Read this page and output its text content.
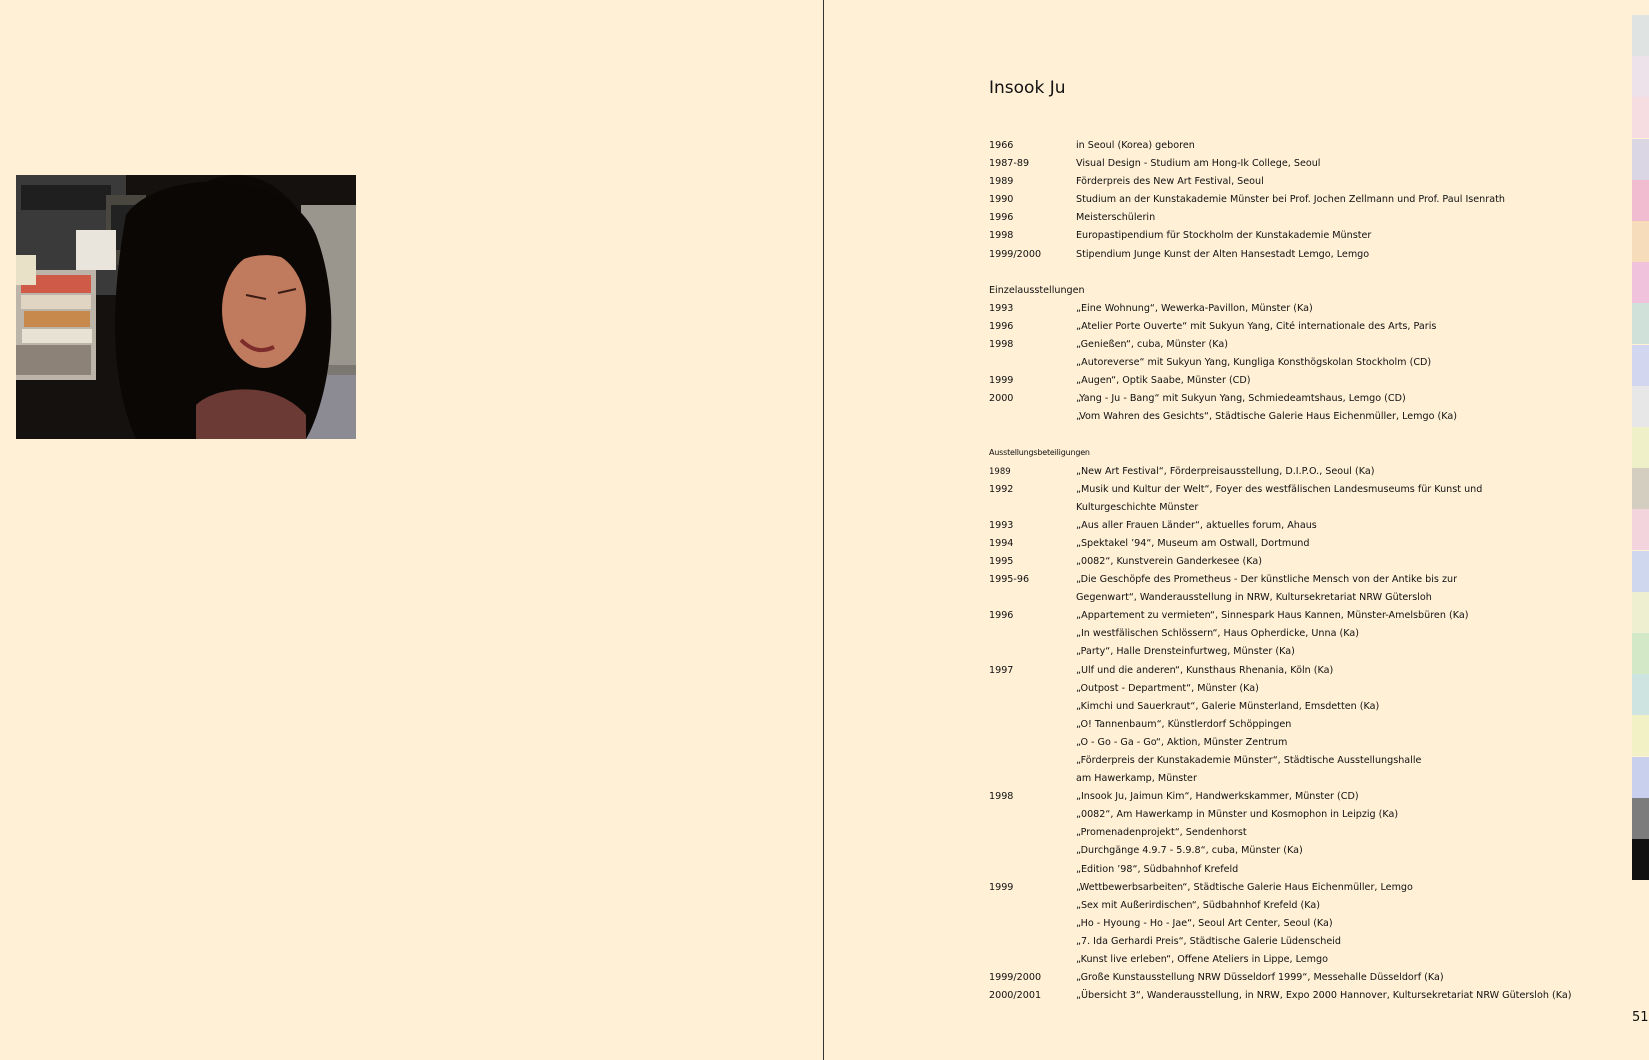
Insook Ju
1966	in Seoul (Korea) geboren
1987-89	Visual Design - Studium am Hong-Ik College, Seoul
1989	Förderpreis des New Art Festival, Seoul
1990	Studium an der Kunstakademie Münster bei Prof. Jochen Zellmann und Prof. Paul Isenrath
1996	Meisterschülerin
1998	Europastipendium für Stockholm der Kunstakademie Münster
1999/2000	Stipendium Junge Kunst der Alten Hansestadt Lemgo, Lemgo
Einzelausstellungen
1993	„Eine Wohnung“, Wewerka-Pavillon, Münster (Ka)
1996	„Atelier Porte Ouverte“ mit Sukyun Yang, Cité internationale des Arts, Paris
1998	„Genießen“, cuba, Münster (Ka)
„Autoreverse“ mit Sukyun Yang, Kungliga Konsthögskolan Stockholm (CD)
1999	„Augen“, Optik Saabe, Münster (CD)
2000	„Yang - Ju - Bang“ mit Sukyun Yang, Schmiedeamtshaus, Lemgo (CD)
„Vom Wahren des Gesichts“, Städtische Galerie Haus Eichenmüller, Lemgo (Ka)
Ausstellungsbeteiligungen
1989	„New Art Festival“, Förderpreisausstellung, D.I.P.O., Seoul (Ka)
1992	„Musik und Kultur der Welt“, Foyer des westfälischen Landesmuseums für Kunst und
Kulturgeschichte Münster
1993	„Aus aller Frauen Länder“, aktuelles forum, Ahaus
1994	„Spektakel ’94“, Museum am Ostwall, Dortmund
1995	„0082“, Kunstverein Ganderkesee (Ka)
1995-96	„Die Geschöpfe des Prometheus - Der künstliche Mensch von der Antike bis zur
Gegenwart“, Wanderausstellung in NRW, Kultursekretariat NRW Gütersloh
1996	„Appartement zu vermieten“, Sinnespark Haus Kannen, Münster-Amelsbüren (Ka)
„In westfälischen Schlössern“, Haus Opherdicke, Unna (Ka)
„Party“, Halle Drensteinfurtweg, Münster (Ka)
1997	„Ulf und die anderen“, Kunsthaus Rhenania, Köln (Ka)
„Outpost - Department“, Münster (Ka)
„Kimchi und Sauerkraut“, Galerie Münsterland, Emsdetten (Ka)
„O! Tannenbaum“, Künstlerdorf Schöppingen
„O - Go - Ga - Go“, Aktion, Münster Zentrum
„Förderpreis der Kunstakademie Münster“, Städtische Ausstellungshalle
am Hawerkamp, Münster
1998	„Insook Ju, Jaimun Kim“, Handwerkskammer, Münster (CD)
„0082“, Am Hawerkamp in Münster und Kosmophon in Leipzig (Ka)
„Promenadenprojekt“, Sendenhorst
„Durchgänge 4.9.7 - 5.9.8“, cuba, Münster (Ka)
„Edition ’98“, Südbahnhof Krefeld
1999	„Wettbewerbsarbeiten“, Städtische Galerie Haus Eichenmüller, Lemgo
„Sex mit Außerirdischen“, Südbahnhof Krefeld (Ka)
„Ho - Hyoung - Ho - Jae“, Seoul Art Center, Seoul (Ka)
„7. Ida Gerhardi Preis“, Städtische Galerie Lüdenscheid
„Kunst live erleben“, Offene Ateliers in Lippe, Lemgo
1999/2000	„Große Kunstausstellung NRW Düsseldorf 1999“, Messehalle Düsseldorf (Ka)
2000/2001	„Übersicht 3“, Wanderausstellung, in NRW, Expo 2000 Hannover, Kultursekretariat NRW Gütersloh (Ka)
51
